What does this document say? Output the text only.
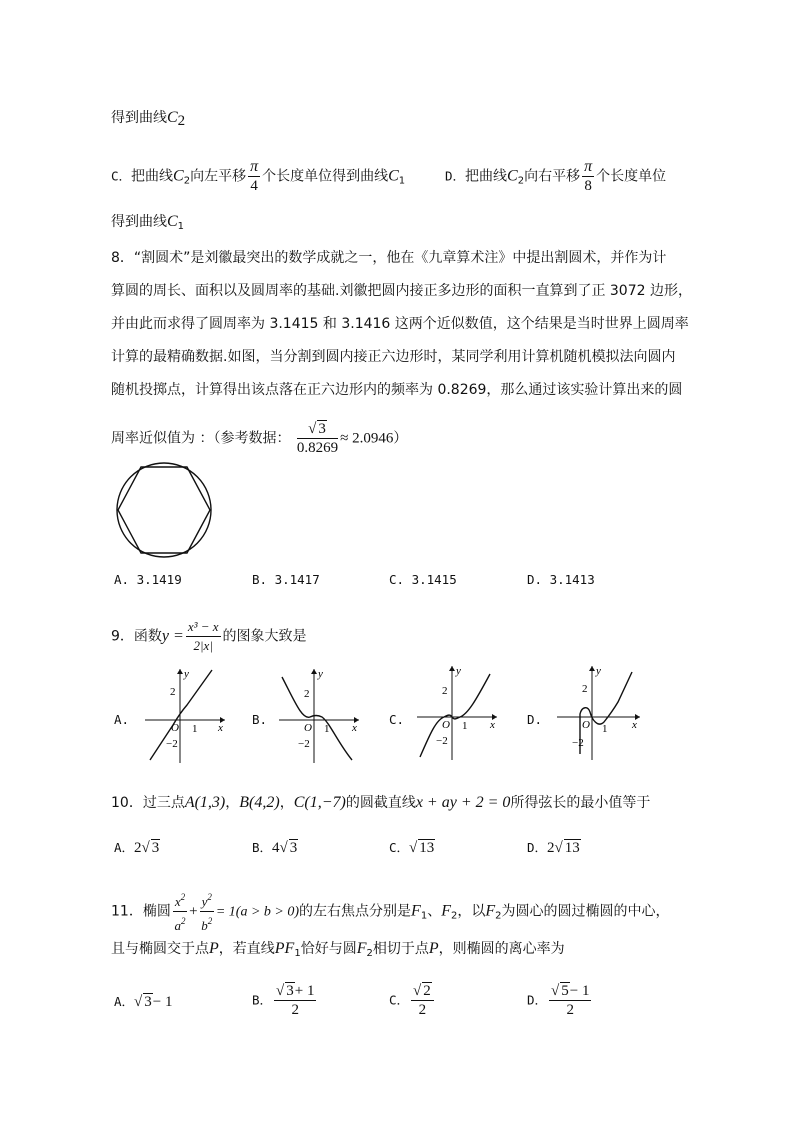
得到曲线$C_2$
C．把曲线$C_2$向左平移 $\frac{\pi}{4}$ 个长度单位得到曲线$C_1$	D．把曲线$C_2$向右平移 $\frac{\pi}{8}$ 个长度单位
得到曲线$C_1$
8．“割圆术”是刘徽最突出的数学成就之一，他在《九章算术注》中提出割圆术，并作为计
算圆的周长、面积以及圆周率的基础.刘徽把圆内接正多边形的面积一直算到了正 3072 边形，
并由此而求得了圆周率为 3.1415 和 3.1416 这两个近似数值，这个结果是当时世界上圆周率
计算的最精确数据.如图，当分割到圆内接正六边形时，某同学利用计算机随机模拟法向圆内
随机投掷点，计算得出该点落在正六边形内的频率为 0.8269，那么通过该实验计算出来的圆
周率近似值为 ：（参考数据： $\frac{√ 3}{0.8269} \approx 2.0946$）
A. 3.1419	B. 3.1417	C. 3.1415	D. 3.1413
9．函数$y = \frac{\text{x³ − x}}{2|x|}$ 的图象大致是
A.
y
x
2
−2
O 1
B.
y
x
2
−2
O 1
C.
y
x
2
−2
O 1	D.
y
x
2
−2
O 1
10．过三点A(1,3)，B(4,2)，C(1,−7)的圆截直线x + ay + 2 = 0所得弦长的最小值等于
A．2√ 3	B．4√ 3	C．√ 13	D．2√ 13
11．椭圆 $\frac{x^2}{a^2} + \frac{y^2}{b^2} = 1(a > b > 0)$的左右焦点分别是$F_1$、$F_2$，以$F_2$为圆心的圆过椭圆的中心，
且与椭圆交于点P，若直线$PF_1$恰好与圆$F_2$相切于点P，则椭圆的离心率为
A．√ 3− 1	B． $\frac{√ 3+ 1}{2}$	C． $\frac{√ 2}{2}$	D． $\frac{√ 5- 1}{2}$
